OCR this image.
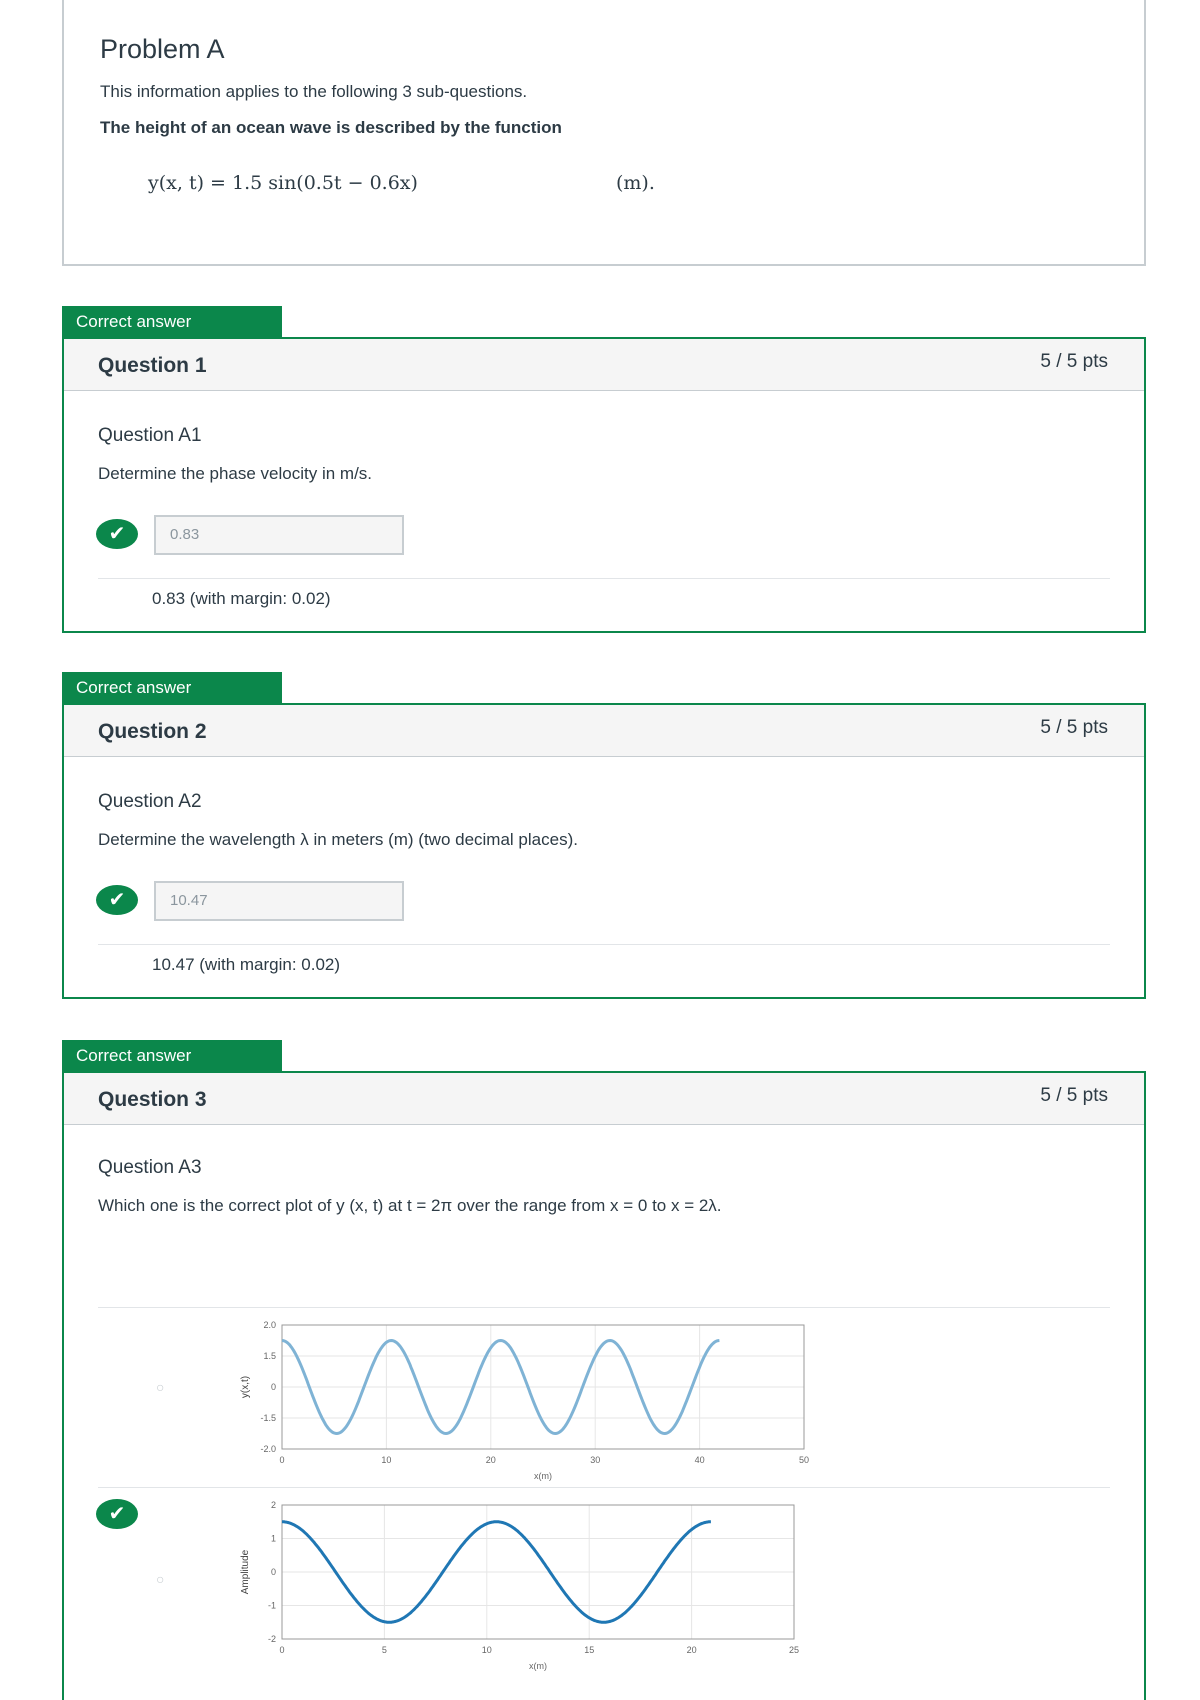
Problem A
This information applies to the following 3 sub-questions.
The height of an ocean wave is described by the function
y(x, t) = 1.5 sin(0.5t − 0.6x)	(m).
Correct answer
Question 1	5 / 5 pts
Question A1
Determine the phase velocity in m/s.
✔	0.83
0.83 (with margin: 0.02)
Correct answer
Question 2	5 / 5 pts
Question A2
Determine the wavelength λ in meters (m) (two decimal places).
✔	10.47
10.47 (with margin: 0.02)
Correct answer
Question 3	5 / 5 pts
Question A3
Which one is the correct plot of y (x, t) at t = 2π over the range from x = 0 to x = 2λ.
○
0	10	20	30	40	50
2.0
1.5
0
-1.5
-2.0
x(m)
y(x,t)
✔
○
0	5	10	15	20	25
2
1
0
-1
-2
x(m)
Amplitude
